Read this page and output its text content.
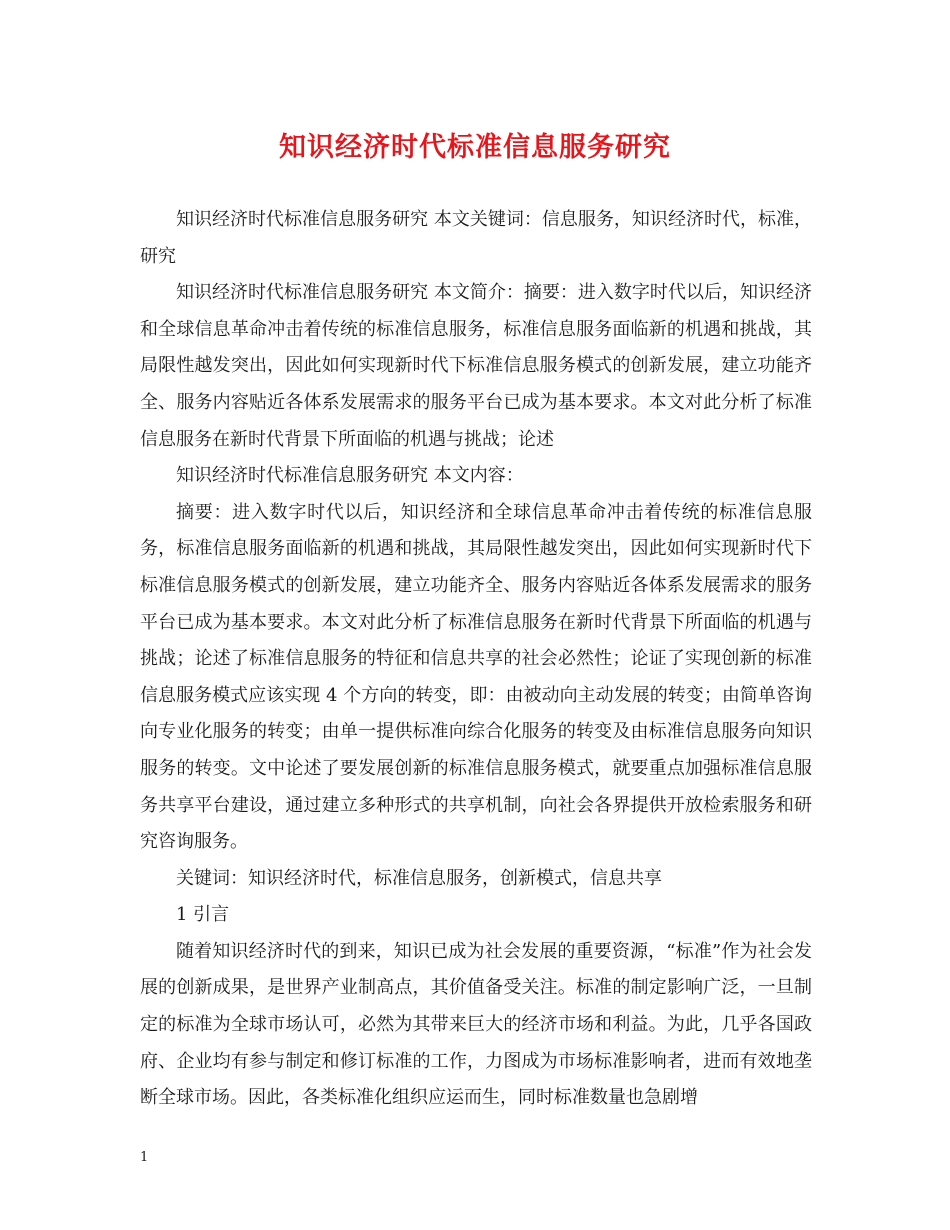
知识经济时代标准信息服务研究

知识经济时代标准信息服务研究 本文关键词：信息服务，知识经济时代，标准，研究

知识经济时代标准信息服务研究 本文简介：摘要：进入数字时代以后，知识经济和全球信息革命冲击着传统的标准信息服务，标准信息服务面临新的机遇和挑战，其局限性越发突出，因此如何实现新时代下标准信息服务模式的创新发展，建立功能齐全、服务内容贴近各体系发展需求的服务平台已成为基本要求。本文对此分析了标准信息服务在新时代背景下所面临的机遇与挑战；论述

知识经济时代标准信息服务研究 本文内容：

摘要：进入数字时代以后，知识经济和全球信息革命冲击着传统的标准信息服务，标准信息服务面临新的机遇和挑战，其局限性越发突出，因此如何实现新时代下标准信息服务模式的创新发展，建立功能齐全、服务内容贴近各体系发展需求的服务平台已成为基本要求。本文对此分析了标准信息服务在新时代背景下所面临的机遇与挑战；论述了标准信息服务的特征和信息共享的社会必然性；论证了实现创新的标准信息服务模式应该实现 4 个方向的转变，即：由被动向主动发展的转变；由简单咨询向专业化服务的转变；由单一提供标准向综合化服务的转变及由标准信息服务向知识服务的转变。文中论述了要发展创新的标准信息服务模式，就要重点加强标准信息服务共享平台建设，通过建立多种形式的共享机制，向社会各界提供开放检索服务和研究咨询服务。

关键词：知识经济时代，标准信息服务，创新模式，信息共享

1 引言

随着知识经济时代的到来，知识已成为社会发展的重要资源，“标准”作为社会发展的创新成果，是世界产业制高点，其价值备受关注。标准的制定影响广泛，一旦制定的标准为全球市场认可，必然为其带来巨大的经济市场和利益。为此，几乎各国政府、企业均有参与制定和修订标准的工作，力图成为市场标准影响者，进而有效地垄断全球市场。因此，各类标准化组织应运而生，同时标准数量也急剧增

1
